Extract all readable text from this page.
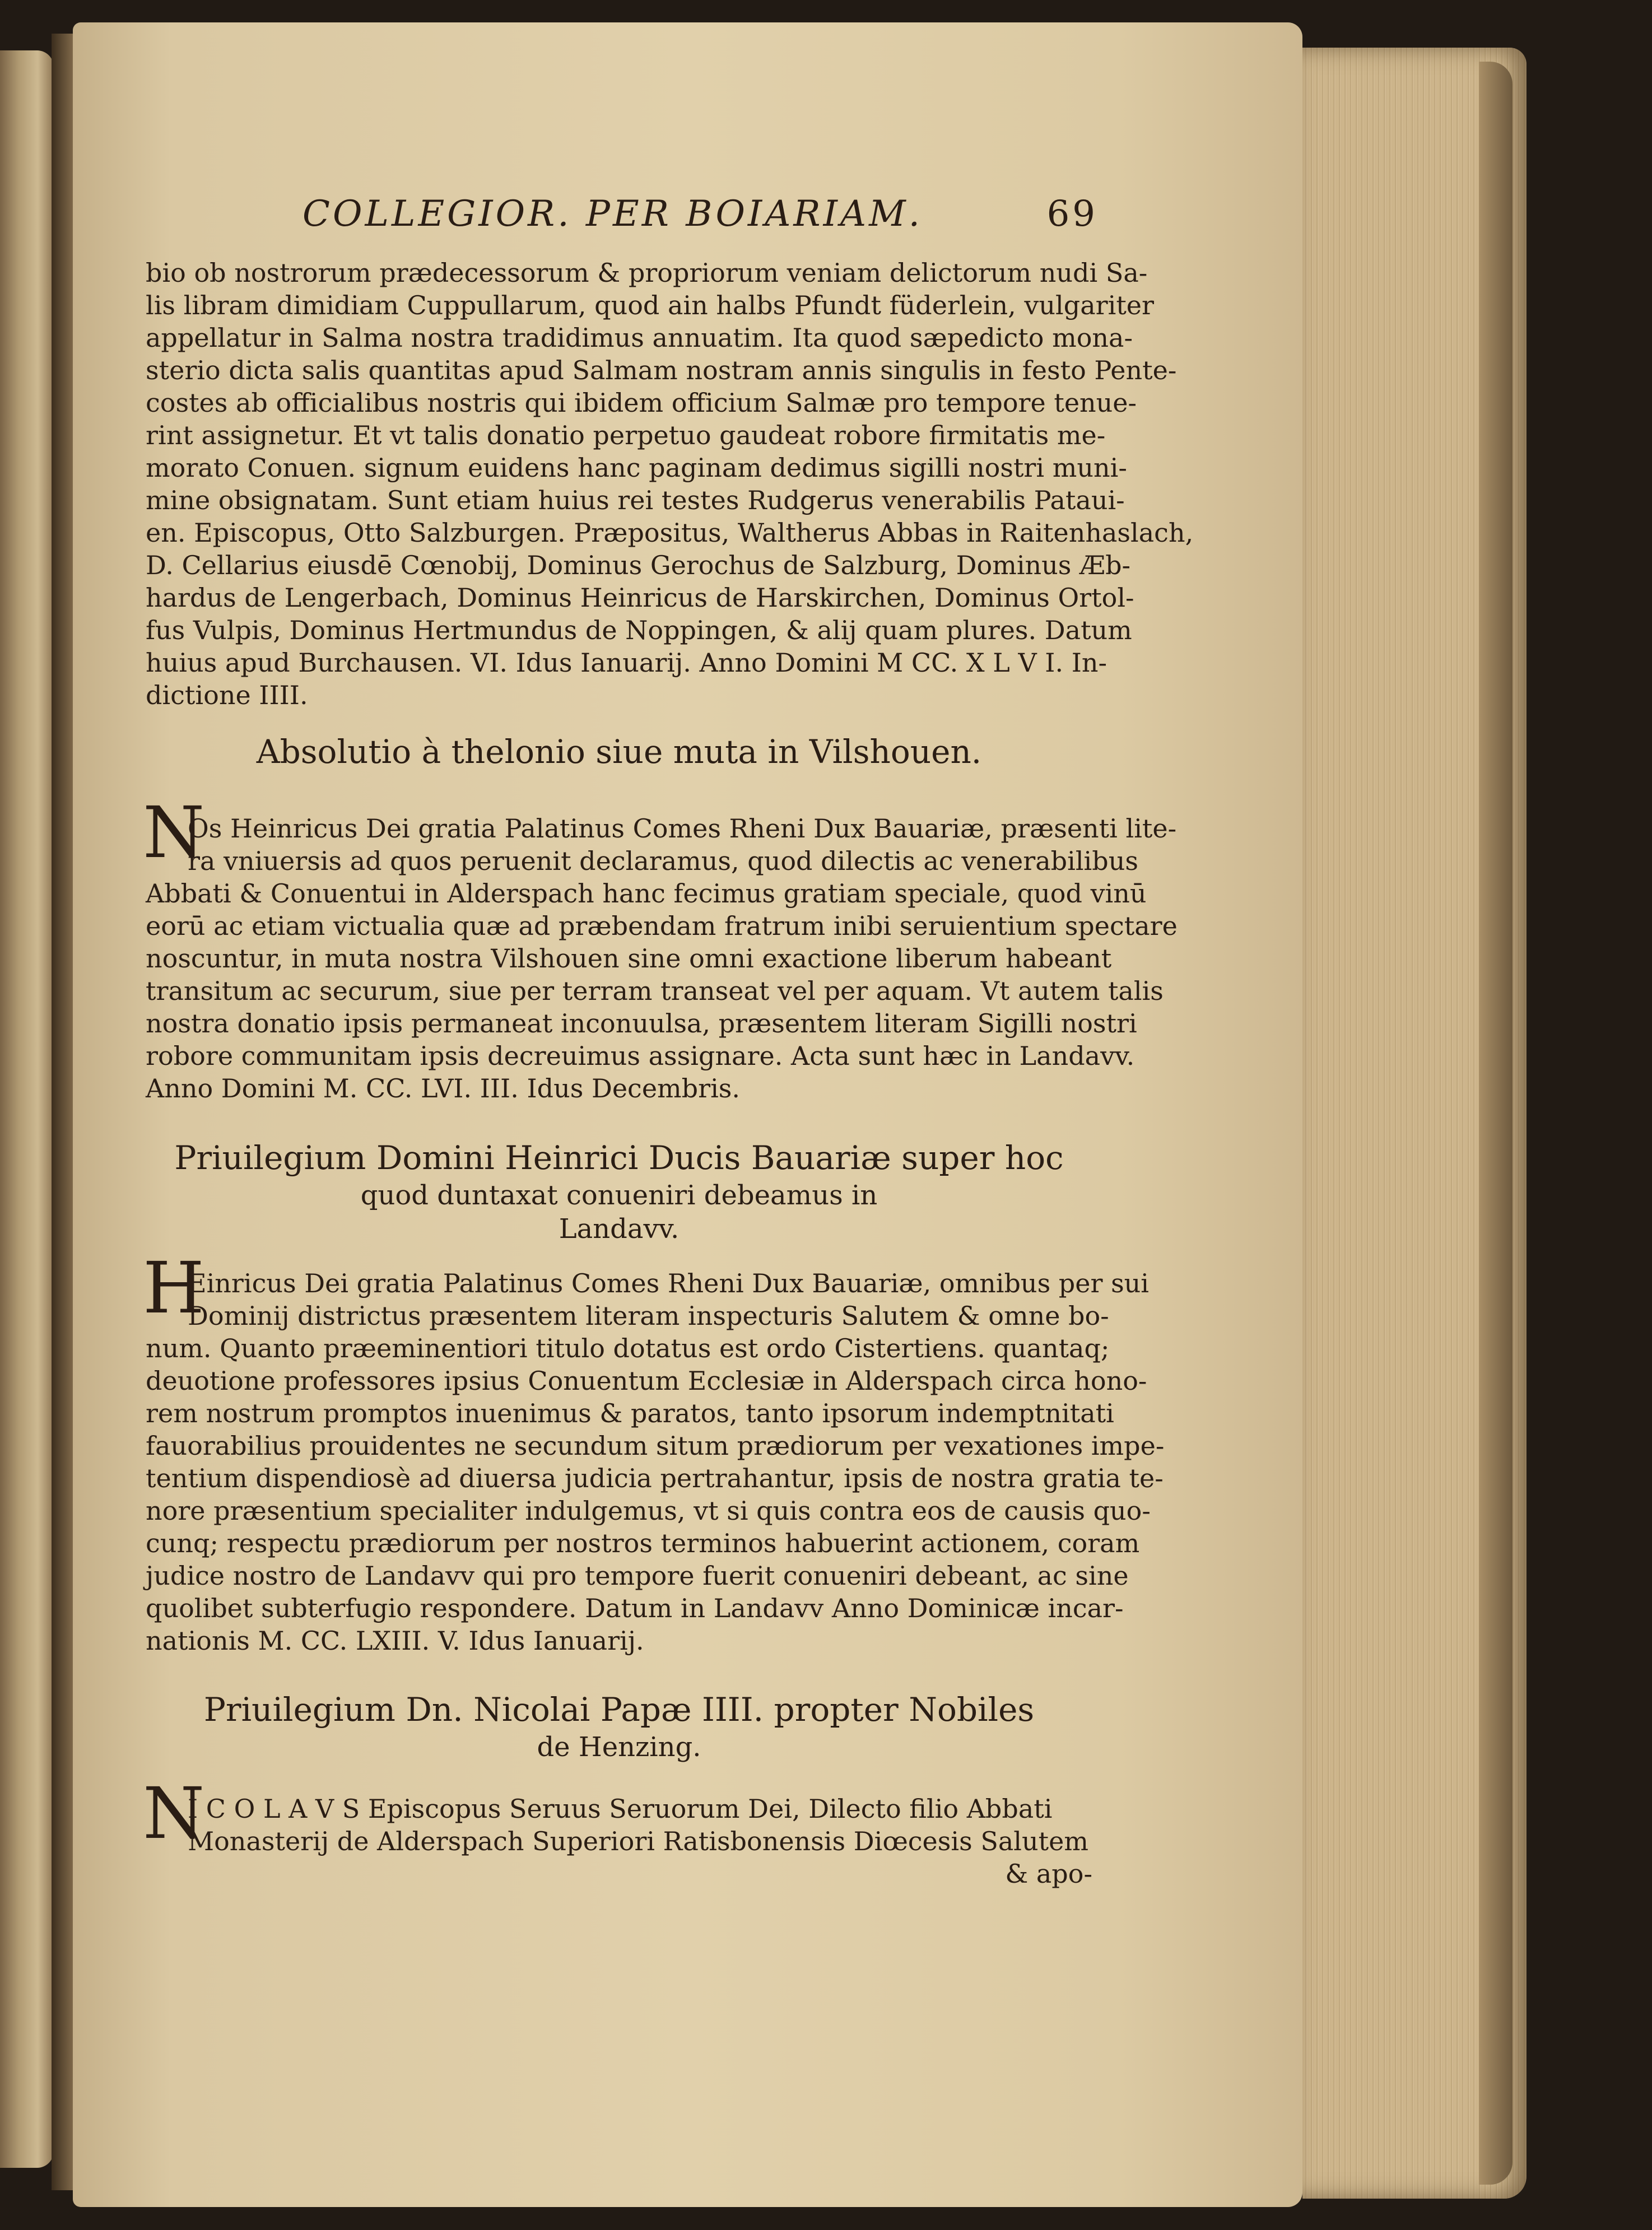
COLLEGIOR. PER BOIARIAM.	69
bio ob nostrorum prædecessorum & propriorum veniam delictorum nudi Sa-
lis libram dimidiam Cuppullarum, quod ain halbs Pfundt füderlein, vulgariter
appellatur in Salma nostra tradidimus annuatim. Ita quod sæpedicto mona-
sterio dicta salis quantitas apud Salmam nostram annis singulis in festo Pente-
costes ab officialibus nostris qui ibidem officium Salmæ pro tempore tenue-
rint assignetur. Et vt talis donatio perpetuo gaudeat robore firmitatis me-
morato Conuen. signum euidens hanc paginam dedimus sigilli nostri muni-
mine obsignatam. Sunt etiam huius rei testes Rudgerus venerabilis Pataui-
en. Episcopus, Otto Salzburgen. Præpositus, Waltherus Abbas in Raitenhaslach,
D. Cellarius eiusdē Cœnobij, Dominus Gerochus de Salzburg, Dominus Æb-
hardus de Lengerbach, Dominus Heinricus de Harskirchen, Dominus Ortol-
fus Vulpis, Dominus Hertmundus de Noppingen, & alij quam plures. Datum
huius apud Burchausen. VI. Idus Ianuarij. Anno Domini M CC. X L V I. In-
dictione IIII.
Absolutio à thelonio siue muta in Vilshouen.
N
Os Heinricus Dei gratia Palatinus Comes Rheni Dux Bauariæ, præsenti lite-
ra vniuersis ad quos peruenit declaramus, quod dilectis ac venerabilibus
Abbati & Conuentui in Alderspach hanc fecimus gratiam speciale, quod vinū
eorū ac etiam victualia quæ ad præbendam fratrum inibi seruientium spectare
noscuntur, in muta nostra Vilshouen sine omni exactione liberum habeant
transitum ac securum, siue per terram transeat vel per aquam. Vt autem talis
nostra donatio ipsis permaneat inconuulsa, præsentem literam Sigilli nostri
robore communitam ipsis decreuimus assignare. Acta sunt hæc in Landavv.
Anno Domini M. CC. LVI. III. Idus Decembris.
Priuilegium Domini Heinrici Ducis Bauariæ super hoc
quod duntaxat conueniri debeamus in
Landavv.
H
Einricus Dei gratia Palatinus Comes Rheni Dux Bauariæ, omnibus per sui
Dominij districtus præsentem literam inspecturis Salutem & omne bo-
num. Quanto præeminentiori titulo dotatus est ordo Cistertiens. quantaq;
deuotione professores ipsius Conuentum Ecclesiæ in Alderspach circa hono-
rem nostrum promptos inuenimus & paratos, tanto ipsorum indemptnitati
fauorabilius prouidentes ne secundum situm prædiorum per vexationes impe-
tentium dispendiosè ad diuersa judicia pertrahantur, ipsis de nostra gratia te-
nore præsentium specialiter indulgemus, vt si quis contra eos de causis quo-
cunq; respectu prædiorum per nostros terminos habuerint actionem, coram
judice nostro de Landavv qui pro tempore fuerit conueniri debeant, ac sine
quolibet subterfugio respondere. Datum in Landavv Anno Dominicæ incar-
nationis M. CC. LXIII. V. Idus Ianuarij.
Priuilegium Dn. Nicolai Papæ IIII. propter Nobiles
de Henzing.
N
I C O L A V S Episcopus Seruus Seruorum Dei, Dilecto filio Abbati
Monasterij de Alderspach Superiori Ratisbonensis Diœcesis Salutem
& apo-
